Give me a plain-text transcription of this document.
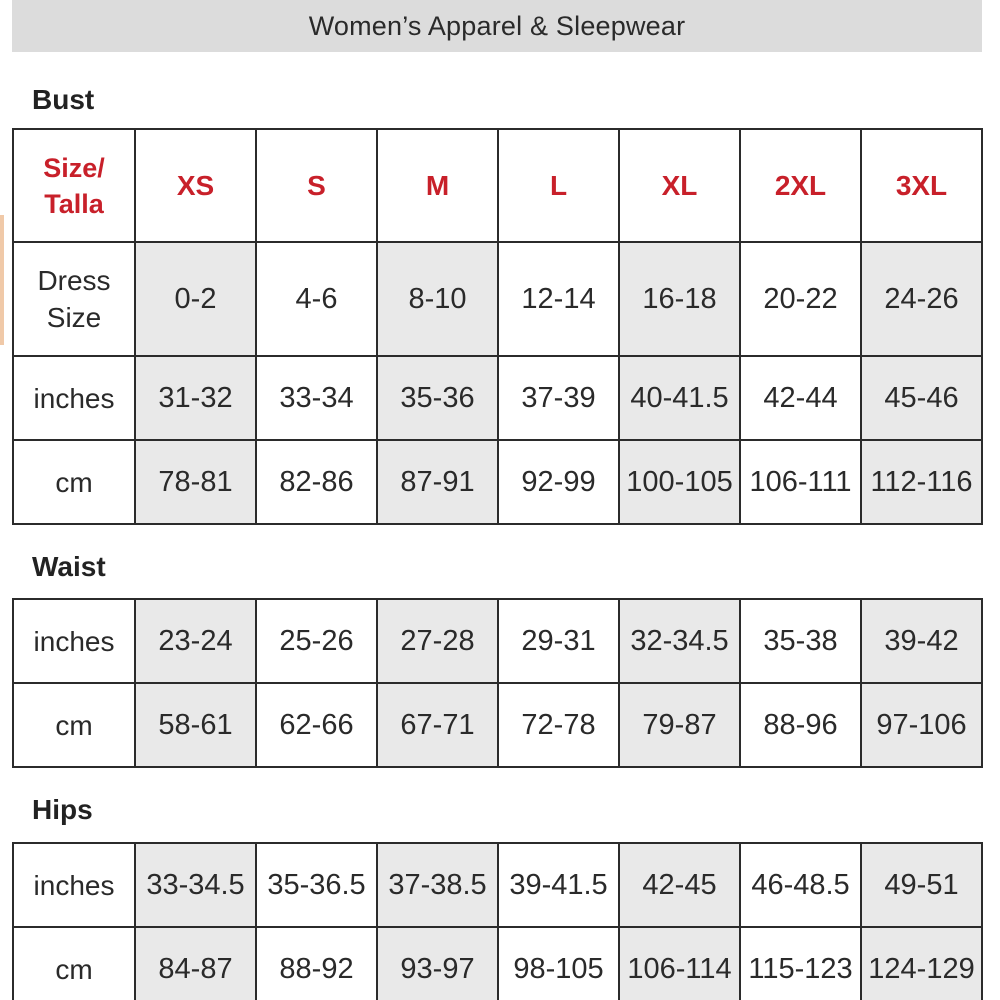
Women’s Apparel & Sleepwear
Bust
Size/
Talla	XS	S	M	L	XL	2XL	3XL

Dress
Size	0-2	4-6	8-10	12-14	16-18	20-22	24-26
inches	31-32	33-34	35-36	37-39	40-41.5	42-44	45-46
cm	78-81	82-86	87-91	92-99	100-105	106-111	112-116
Waist
inches	23-24	25-26	27-28	29-31	32-34.5	35-38	39-42
cm	58-61	62-66	67-71	72-78	79-87	88-96	97-106
Hips
inches	33-34.5	35-36.5	37-38.5	39-41.5	42-45	46-48.5	49-51
cm	84-87	88-92	93-97	98-105	106-114	115-123	124-129
